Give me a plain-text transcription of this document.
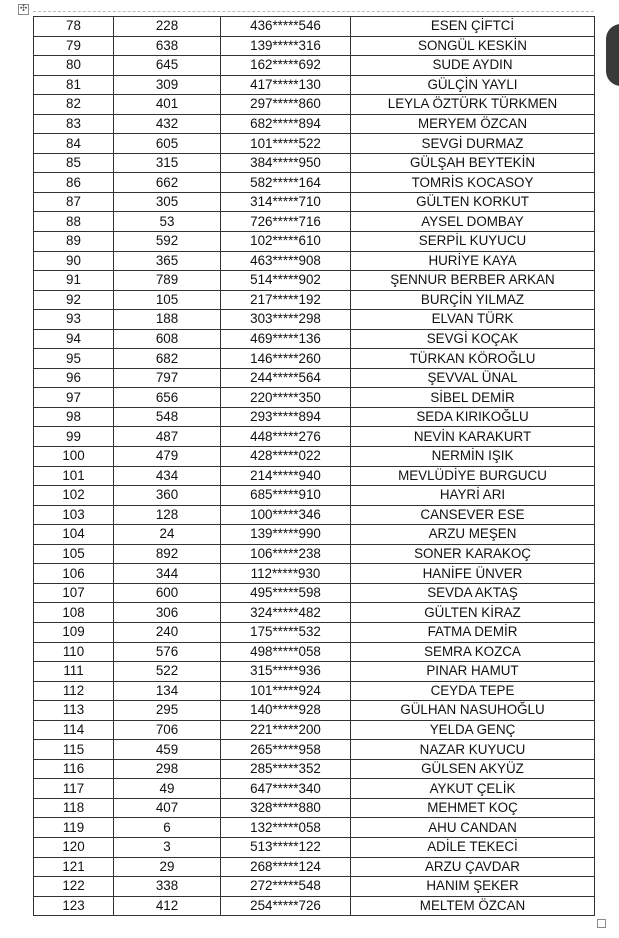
✣
78	228	436*****546	ESEN ÇİFTCİ
79	638	139*****316	SONGÜL KESKİN
80	645	162*****692	SUDE AYDIN
81	309	417*****130	GÜLÇİN YAYLI
82	401	297*****860	LEYLA ÖZTÜRK TÜRKMEN
83	432	682*****894	MERYEM ÖZCAN
84	605	101*****522	SEVGİ DURMAZ
85	315	384*****950	GÜLŞAH BEYTEKİN
86	662	582*****164	TOMRİS KOCASOY
87	305	314*****710	GÜLTEN KORKUT
88	53	726*****716	AYSEL DOMBAY
89	592	102*****610	SERPİL KUYUCU
90	365	463*****908	HURİYE KAYA
91	789	514*****902	ŞENNUR BERBER ARKAN
92	105	217*****192	BURÇİN YILMAZ
93	188	303*****298	ELVAN TÜRK
94	608	469*****136	SEVGİ KOÇAK
95	682	146*****260	TÜRKAN KÖROĞLU
96	797	244*****564	ŞEVVAL ÜNAL
97	656	220*****350	SİBEL DEMİR
98	548	293*****894	SEDA KIRIKOĞLU
99	487	448*****276	NEVİN KARAKURT
100	479	428*****022	NERMİN IŞIK
101	434	214*****940	MEVLÜDİYE BURGUCU
102	360	685*****910	HAYRİ ARI
103	128	100*****346	CANSEVER ESE
104	24	139*****990	ARZU MEŞEN
105	892	106*****238	SONER KARAKOÇ
106	344	112*****930	HANİFE ÜNVER
107	600	495*****598	SEVDA AKTAŞ
108	306	324*****482	GÜLTEN KİRAZ
109	240	175*****532	FATMA DEMİR
110	576	498*****058	SEMRA KOZCA
111	522	315*****936	PINAR HAMUT
112	134	101*****924	CEYDA TEPE
113	295	140*****928	GÜLHAN NASUHOĞLU
114	706	221*****200	YELDA GENÇ
115	459	265*****958	NAZAR KUYUCU
116	298	285*****352	GÜLSEN AKYÜZ
117	49	647*****340	AYKUT ÇELİK
118	407	328*****880	MEHMET KOÇ
119	6	132*****058	AHU CANDAN
120	3	513*****122	ADİLE TEKECİ
121	29	268*****124	ARZU ÇAVDAR
122	338	272*****548	HANIM ŞEKER
123	412	254*****726	MELTEM ÖZCAN
